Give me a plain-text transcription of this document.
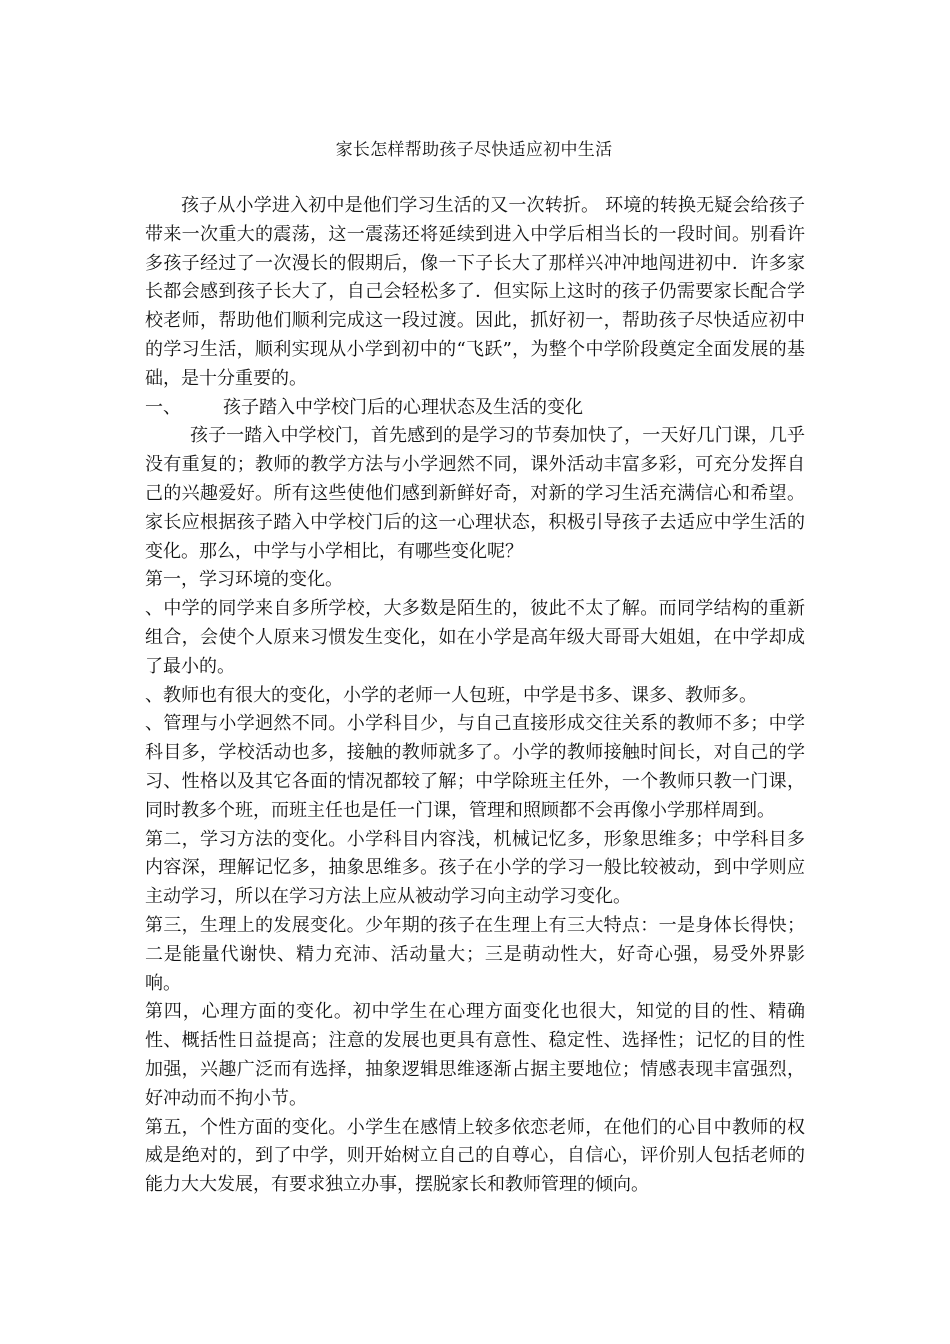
家长怎样帮助孩子尽快适应初中生活

孩子从小学进入初中是他们学习生活的又一次转折。 环境的转换无疑会给孩子带来一次重大的震荡，这一震荡还将延续到进入中学后相当长的一段时间。别看许多孩子经过了一次漫长的假期后，像一下子长大了那样兴冲冲地闯进初中．许多家长都会感到孩子长大了，自己会轻松多了．但实际上这时的孩子仍需要家长配合学校老师，帮助他们顺利完成这一段过渡。因此，抓好初一，帮助孩子尽快适应初中的学习生活，顺利实现从小学到初中的“飞跃”，为整个中学阶段奠定全面发展的基础，是十分重要的。

一、	孩子踏入中学校门后的心理状态及生活的变化

孩子一踏入中学校门，首先感到的是学习的节奏加快了，一天好几门课，几乎没有重复的；教师的教学方法与小学迥然不同，课外活动丰富多彩，可充分发挥自己的兴趣爱好。所有这些使他们感到新鲜好奇，对新的学习生活充满信心和希望。家长应根据孩子踏入中学校门后的这一心理状态，积极引导孩子去适应中学生活的变化。那么，中学与小学相比，有哪些变化呢？

第一，学习环境的变化。

、中学的同学来自多所学校，大多数是陌生的，彼此不太了解。而同学结构的重新组合，会使个人原来习惯发生变化，如在小学是高年级大哥哥大姐姐，在中学却成了最小的。

、教师也有很大的变化，小学的老师一人包班，中学是书多、课多、教师多。

、管理与小学迥然不同。小学科目少，与自己直接形成交往关系的教师不多；中学科目多，学校活动也多，接触的教师就多了。小学的教师接触时间长，对自己的学习、性格以及其它各面的情况都较了解；中学除班主任外，一个教师只教一门课，同时教多个班，而班主任也是任一门课，管理和照顾都不会再像小学那样周到。

第二，学习方法的变化。小学科目内容浅，机械记忆多，形象思维多；中学科目多内容深，理解记忆多，抽象思维多。孩子在小学的学习一般比较被动，到中学则应主动学习，所以在学习方法上应从被动学习向主动学习变化。

第三，生理上的发展变化。少年期的孩子在生理上有三大特点：一是身体长得快；二是能量代谢快、精力充沛、活动量大；三是萌动性大，好奇心强，易受外界影响。

第四，心理方面的变化。初中学生在心理方面变化也很大，知觉的目的性、精确性、概括性日益提高；注意的发展也更具有意性、稳定性、选择性；记忆的目的性加强，兴趣广泛而有选择，抽象逻辑思维逐渐占据主要地位；情感表现丰富强烈，好冲动而不拘小节。

第五，个性方面的变化。小学生在感情上较多依恋老师，在他们的心目中教师的权威是绝对的，到了中学，则开始树立自己的自尊心，自信心，评价别人包括老师的能力大大发展，有要求独立办事，摆脱家长和教师管理的倾向。
